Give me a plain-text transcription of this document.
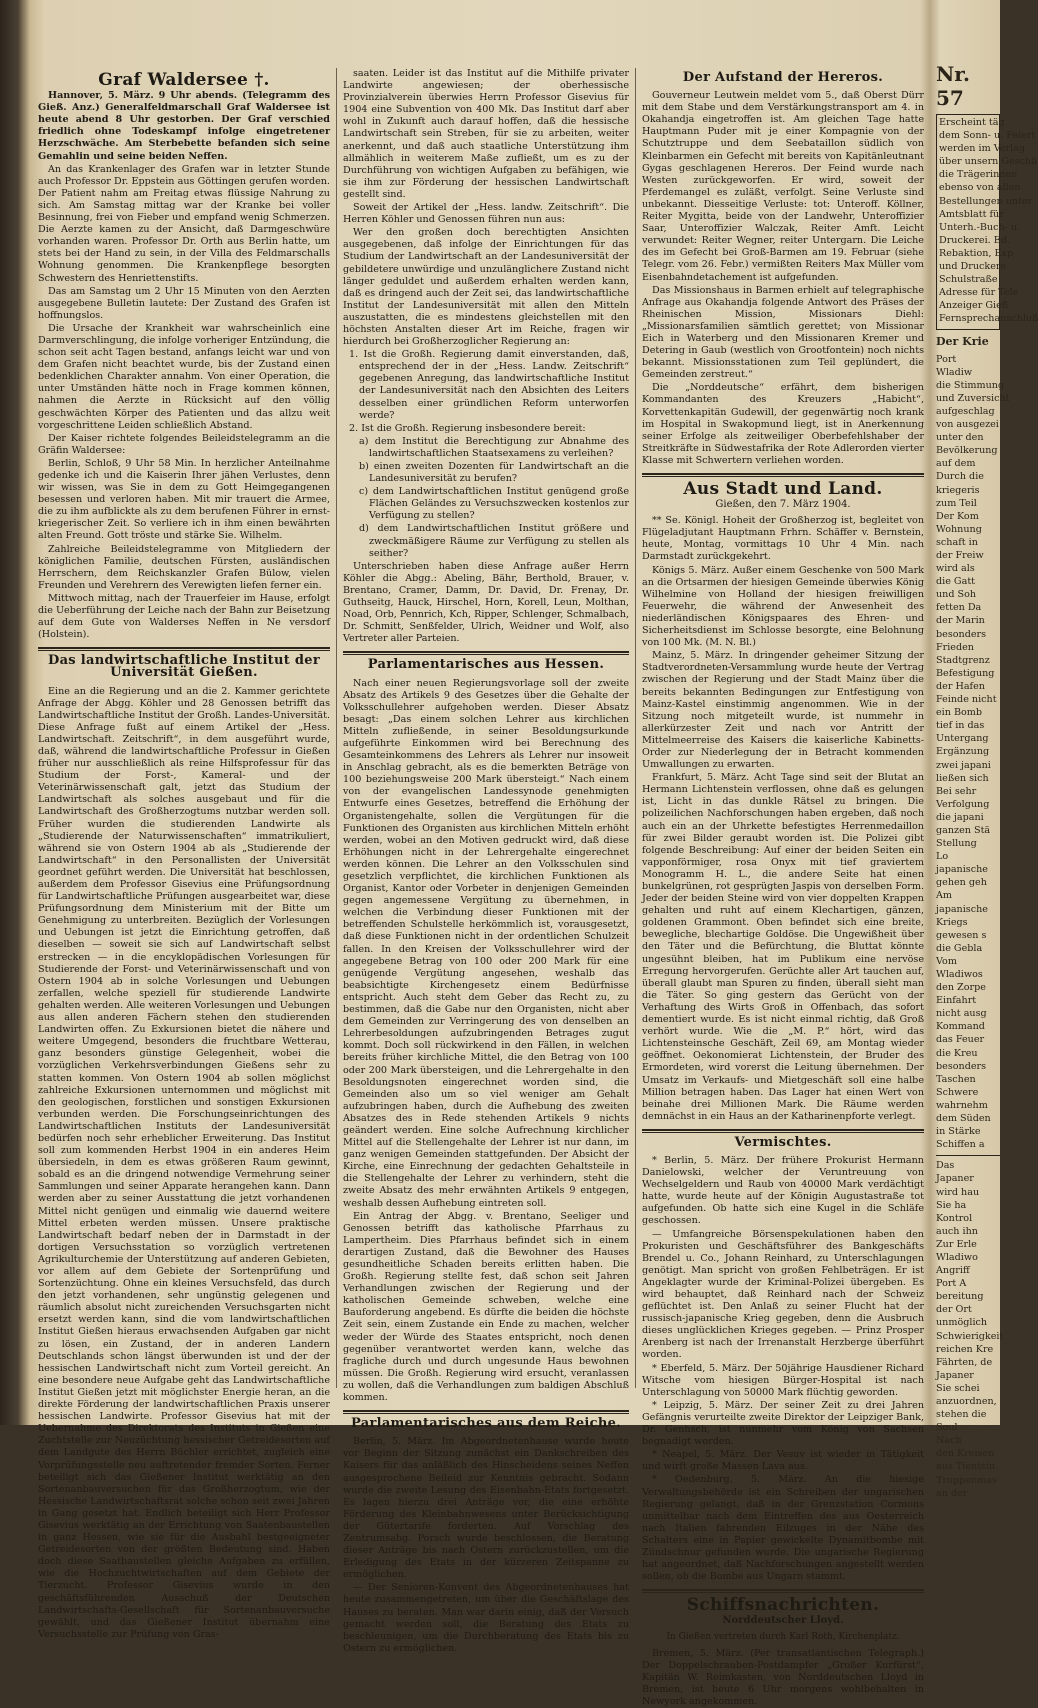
Graf Waldersee †.

Hannover, 5. März. 9 Uhr abends. (Telegramm des Gieß. Anz.) Generalfeldmarschall Graf Waldersee ist heute abend 8 Uhr gestorben. Der Graf verschied friedlich ohne Todeskampf infolge eingetretener Herzschwäche. Am Sterbebette befanden sich seine Gemahlin und seine beiden Neffen.

An das Krankenlager des Grafen war in letzter Stunde auch Professor Dr. Eppstein aus Göttingen gerufen worden. Der Patient nahm am Freitag etwas flüssige Nahrung zu sich. Am Samstag mittag war der Kranke bei voller Besinnung, frei von Fieber und empfand wenig Schmerzen. Die Aerzte kamen zu der Ansicht, daß Darmgeschwüre vorhanden waren. Professor Dr. Orth aus Berlin hatte, um stets bei der Hand zu sein, in der Villa des Feldmarschalls Wohnung genommen. Die Krankenpflege besorgten Schwestern des Henriettenstifts.

Das am Samstag um 2 Uhr 15 Minuten von den Aerzten ausgegebene Bulletin lautete: Der Zustand des Grafen ist hoffnungslos.

Die Ursache der Krankheit war wahrscheinlich eine Darmverschlingung, die infolge vorheriger Entzündung, die schon seit acht Tagen bestand, anfangs leicht war und von dem Grafen nicht beachtet wurde, bis der Zustand einen bedenklichen Charakter annahm. Von einer Operation, die unter Umständen hätte noch in Frage kommen können, nahmen die Aerzte in Rücksicht auf den völlig geschwächten Körper des Patienten und das allzu weit vorgeschrittene Leiden schließlich Abstand.

Der Kaiser richtete folgendes Beileidstelegramm an die Gräfin Waldersee:

Berlin, Schloß, 9 Uhr 58 Min. In herzlicher Anteilnahme gedenke ich und die Kaiserin Ihrer jähen Verlustes, denn wir wissen, was Sie in dem zu Gott Heimgegangenen besessen und verloren haben. Mit mir trauert die Armee, die zu ihm aufblickte als zu dem berufenen Führer in ernst-kriegerischer Zeit. So verliere ich in ihm einen bewährten alten Freund. Gott tröste und stärke Sie. Wilhelm.

Zahlreiche Beileidstelegramme von Mitgliedern der königlichen Familie, deutschen Fürsten, ausländischen Herrschern, dem Reichskanzler Grafen Bülow, vielen Freunden und Verehrern des Verewigten liefen ferner ein.

Mittwoch mittag, nach der Trauerfeier im Hause, erfolgt die Ueberführung der Leiche nach der Bahn zur Beisetzung auf dem Gute von Walderses Neffen in Ne versdorf (Holstein).

Das landwirtschaftliche Institut der Universität Gießen.

Eine an die Regierung und an die 2. Kammer gerichtete Anfrage der Abgg. Köhler und 28 Genossen betrifft das Landwirtschaftliche Institut der Großh. Landes-Universität. Diese Anfrage fußt auf einem Artikel der „Hess. Landwirtschaft. Zeitschrift“, in dem ausgeführt wurde, daß, während die landwirtschaftliche Professur in Gießen früher nur ausschließlich als reine Hilfsprofessur für das Studium der Forst-, Kameral- und der Veterinärwissenschaft galt, jetzt das Studium der Landwirtschaft als solches ausgebaut und für die Landwirtschaft des Großherzogtums nutzbar werden soll. Früher wurden die studierenden Landwirte als „Studierende der Naturwissenschaften“ immatrikuliert, während sie von Ostern 1904 ab als „Studierende der Landwirtschaft“ in den Personallisten der Universität geordnet geführt werden. Die Universität hat beschlossen, außerdem dem Professor Gisevius eine Prüfungsordnung für Landwirtschaftliche Prüfungen ausgearbeitet war, diese Prüfungsordnung dem Ministerium mit der Bitte um Genehmigung zu unterbreiten. Bezüglich der Vorlesungen und Uebungen ist jetzt die Einrichtung getroffen, daß dieselben — soweit sie sich auf Landwirtschaft selbst erstrecken — in die encyklopädischen Vorlesungen für Studierende der Forst- und Veterinärwissenschaft und von Ostern 1904 ab in solche Vorlesungen und Uebungen zerfallen, welche speziell für studierende Landwirte gehalten werden. Alle weiteren Vorlesungen und Uebungen aus allen anderen Fächern stehen den studierenden Landwirten offen. Zu Exkursionen bietet die nähere und weitere Umgegend, besonders die fruchtbare Wetterau, ganz besonders günstige Gelegenheit, wobei die vorzüglichen Verkehrsverbindungen Gießens sehr zu statten kommen. Von Ostern 1904 ab sollen möglichst zahlreiche Exkursionen unternommen und möglichst mit den geologischen, forstlichen und sonstigen Exkursionen verbunden werden. Die Forschungseinrichtungen des Landwirtschaftlichen Instituts der Landesuniversität bedürfen noch sehr erheblicher Erweiterung. Das Institut soll zum kommenden Herbst 1904 in ein anderes Heim übersiedeln, in dem es etwas größeren Raum gewinnt, sobald es an die dringend notwendige Vermehrung seiner Sammlungen und seiner Apparate herangehen kann. Dann werden aber zu seiner Ausstattung die jetzt vorhandenen Mittel nicht genügen und einmalig wie dauernd weitere Mittel erbeten werden müssen. Unsere praktische Landwirtschaft bedarf neben der in Darmstadt in der dortigen Versuchsstation so vorzüglich vertretenen Agrikulturchemie der Unterstützung auf anderen Gebieten, vor allem auf dem Gebiete der Sortenprüfung und Sortenzüchtung. Ohne ein kleines Versuchsfeld, das durch den jetzt vorhandenen, sehr ungünstig gelegenen und räumlich absolut nicht zureichenden Versuchsgarten nicht ersetzt werden kann, sind die vom landwirtschaftlichen Institut Gießen hieraus erwachsenden Aufgaben gar nicht zu lösen, ein Zustand, der in anderen Landern Deutschlands schon längst überwunden ist und der der hessischen Landwirtschaft nicht zum Vorteil gereicht. An eine besondere neue Aufgabe geht das Landwirtschaftliche Institut Gießen jetzt mit möglichster Energie heran, an die direkte Förderung der landwirtschaftlichen Praxis unserer hessischen Landwirte. Professor Gisevius hat mit der Uebernahme des Direktorats des Instituts in Gießen eine Zuchtstelle zur Neuzüchtung hessischer Getreidesorten auf dem Landgute des Herrn Büchler errichtet, zugleich eine Vorprüfungsstelle neu auftretender fremder Sorten. Ferner beteiligt sich das Gießener Institut werktätig an den Sortenanbauversuchen für das Großherzogtum, wie der Hessische Landwirtschaftsrat solche schon seit zwei Jahren in Gang gesetzt hat. Endlich beteiligt sich Herr Professor Gisevius werktätig an der Errichtung von Saatenbaustellen in ganz Hessen, wie sie für die Ausbahl bestgeeigneter Getreidesorten von der größten Bedeutung sind. Haben doch diese Saatbaustellen gleiche Aufgaben zu erfüllen, wie die Hochzuchtwirtschaften auf dem Gebiete der Tierzucht. Professor Gisevius wurde in den geschäftsführenden Ausschuß der Deutschen Landwirtschafts-Gesellschaft für Sortenanbauversuche gewählt, und das Gießener Institut übernahm eine Versuchsstelle zur Prüfung von Gras-

saaten. Leider ist das Institut auf die Mithilfe privater Landwirte angewiesen; der oberhessische Provinzialverein überwies Herrn Professor Gisevius für 1904 eine Subvention von 400 Mk. Das Institut darf aber wohl in Zukunft auch darauf hoffen, daß die hessische Landwirtschaft sein Streben, für sie zu arbeiten, weiter anerkennt, und daß auch staatliche Unterstützung ihm allmählich in weiterem Maße zufließt, um es zu der Durchführung von wichtigen Aufgaben zu befähigen, wie sie ihm zur Förderung der hessischen Landwirtschaft gestellt sind.

Soweit der Artikel der „Hess. landw. Zeitschrift“. Die Herren Köhler und Genossen führen nun aus:

Wer den großen doch berechtigten Ansichten ausgegebenen, daß infolge der Einrichtungen für das Studium der Landwirtschaft an der Landesuniversität der gebildetere unwürdige und unzulänglichere Zustand nicht länger geduldet und außerdem erhalten werden kann, daß es dringend auch der Zeit sei, das landwirtschaftliche Institut der Landesuniversität mit allen den Mitteln auszustatten, die es mindestens gleichstellen mit den höchsten Anstalten dieser Art im Reiche, fragen wir hierdurch bei Großherzoglicher Regierung an:

1. Ist die Großh. Regierung damit einverstanden, daß, entsprechend der in der „Hess. Landw. Zeitschrift“ gegebenen Anregung, das landwirtschaftliche Institut der Landesuniversität nach den Absichten des Leiters desselben einer gründlichen Reform unterworfen werde?

2. Ist die Großh. Regierung insbesondere bereit:

a) dem Institut die Berechtigung zur Abnahme des landwirtschaftlichen Staatsexamens zu verleihen?

b) einen zweiten Dozenten für Landwirtschaft an die Landesuniversität zu berufen?

c) dem Landwirtschaftlichen Institut genügend große Flächen Geländes zu Versuchszwecken kostenlos zur Verfügung zu stellen?

d) dem Landwirtschaftlichen Institut größere und zweckmäßigere Räume zur Verfügung zu stellen als seither?

Unterschrieben haben diese Anfrage außer Herrn Köhler die Abgg.: Abeling, Bähr, Berthold, Brauer, v. Brentano, Cramer, Damm, Dr. David, Dr. Frenay, Dr. Guthseitg, Hauck, Hirschel, Horn, Korell, Leun, Molthan, Noad, Orb, Pennrich, Kch, Ripper, Schlenger, Schmalbach, Dr. Schmitt, Senßfelder, Ulrich, Weidner und Wolf, also Vertreter aller Parteien.

Parlamentarisches aus Hessen.

Nach einer neuen Regierungsvorlage soll der zweite Absatz des Artikels 9 des Gesetzes über die Gehalte der Volksschullehrer aufgehoben werden. Dieser Absatz besagt: „Das einem solchen Lehrer aus kirchlichen Mitteln zufließende, in seiner Besoldungsurkunde aufgeführte Einkommen wird bei Berechnung des Gesamteinkommens des Lehrers als Lehrer nur insoweit in Anschlag gebracht, als es die bemerkten Beträge von 100 beziehungsweise 200 Mark übersteigt.“ Nach einem von der evangelischen Landessynode genehmigten Entwurfe eines Gesetzes, betreffend die Erhöhung der Organistengehalte, sollen die Vergütungen für die Funktionen des Organisten aus kirchlichen Mitteln erhöht werden, wobei an den Motiven gedruckt wird, daß diese Erhöhungen nicht in der Lehrergehalte eingerechnet werden können. Die Lehrer an den Volksschulen sind gesetzlich verpflichtet, die kirchlichen Funktionen als Organist, Kantor oder Vorbeter in denjenigen Gemeinden gegen angemessene Vergütung zu übernehmen, in welchen die Verbindung dieser Funktionen mit der betreffenden Schulstelle herkömmlich ist, vorausgesetzt, daß diese Funktionen nicht in der ordentlichen Schulzeit fallen. In den Kreisen der Volksschullehrer wird der angegebene Betrag von 100 oder 200 Mark für eine genügende Vergütung angesehen, weshalb das beabsichtigte Kirchengesetz einem Bedürfnisse entspricht. Auch steht dem Geber das Recht zu, zu bestimmen, daß die Gabe nur den Organisten, nicht aber dem Gemeinden zur Verringerung des von denselben an Lehrerbesoldungen aufzubringenden Betrages zugut kommt. Doch soll rückwirkend in den Fällen, in welchen bereits früher kirchliche Mittel, die den Betrag von 100 oder 200 Mark übersteigen, und die Lehrergehalte in den Besoldungsnoten eingerechnet worden sind, die Gemeinden also um so viel weniger am Gehalt aufzubringen haben, durch die Aufhebung des zweiten Absatzes des in Rede stehenden Artikels 9 nichts geändert werden. Eine solche Aufrechnung kirchlicher Mittel auf die Stellengehalte der Lehrer ist nur dann, im ganz wenigen Gemeinden stattgefunden. Der Absicht der Kirche, eine Einrechnung der gedachten Gehaltsteile in die Stellengehalte der Lehrer zu verhindern, steht die zweite Absatz des mehr erwähnten Artikels 9 entgegen, weshalb dessen Aufhebung eintreten soll.

Ein Antrag der Abgg. v. Brentano, Seeliger und Genossen betrifft das katholische Pfarrhaus zu Lampertheim. Dies Pfarrhaus befindet sich in einem derartigen Zustand, daß die Bewohner des Hauses gesundheitliche Schaden bereits erlitten haben. Die Großh. Regierung stellte fest, daß schon seit Jahren Verhandlungen zwischen der Regierung und der katholischen Gemeinde schweben, welche eine Bauforderung angebend. Es dürfte die beiden die höchste Zeit sein, einem Zustande ein Ende zu machen, welcher weder der Würde des Staates entspricht, noch denen gegenüber verantwortet werden kann, welche das fragliche durch und durch ungesunde Haus bewohnen müssen. Die Großh. Regierung wird ersucht, veranlassen zu wollen, daß die Verhandlungen zum baldigen Abschluß kommen.

Parlamentarisches aus dem Reiche.

Berlin, 5. März. Im Abgeordnetenhause wurde heute vor Beginn der Sitzung zunächst ein Dankschreiben des Kaisers für das anläßlich des Hinscheidens seines Neffen ausgesprochene Beileid zur Kenntnis gebracht. Sodann wurde die zweite Lesung des Eisenbahn-Etats fortgesetzt. Es lagen hierzu drei Anträge vor, die eine erhöhte Förderung des Kleinbahnwesens unter Berücksichtigung der Gütertarife forderten. Auf Vorschlag des Zentrumsabg. Porsch wurde beschlossen, die Beratung dieser Anträge bis nach Ostern zurückzustellen, um die Erledigung des Etats in der kürzeren Zeitspanne zu ermöglichen.

— Der Senioren-Konvent des Abgeordnetenhauses hat heute zusammengetreten, um über die Geschäftslage des Hauses zu beraten. Man war darin einig, daß der Versuch gemacht werden soll, die Beratung des Etats zu beschleunigen, um die Durchberatung des Etats bis zu Ostern zu ermöglichen.

Der Aufstand der Hereros.

Gouverneur Leutwein meldet vom 5., daß Oberst Dürr mit dem Stabe und dem Verstärkungstransport am 4. in Okahandja eingetroffen ist. Am gleichen Tage hatte Hauptmann Puder mit je einer Kompagnie von der Schutztruppe und dem Seebataillon südlich von Kleinbarmen ein Gefecht mit bereits von Kapitänleutnant Gygas geschlagenen Hereros. Der Feind wurde nach Westen zurückgeworfen. Er wird, soweit der Pferdemangel es zuläßt, verfolgt. Seine Verluste sind unbekannt. Diesseitige Verluste: tot: Unteroff. Köllner, Reiter Mygitta, beide von der Landwehr, Unteroffizier Saar, Unteroffizier Walczak, Reiter Amft. Leicht verwundet: Reiter Wegner, reiter Untergarn. Die Leiche des im Gefecht bei Groß-Barmen am 19. Februar (siehe Telegr. vom 26. Febr.) vermißten Reiters Max Müller vom Eisenbahndetachement ist aufgefunden.

Das Missionshaus in Barmen erhielt auf telegraphische Anfrage aus Okahandja folgende Antwort des Präses der Rheinischen Mission, Missionars Diehl: „Missionarsfamilien sämtlich gerettet; von Missionar Eich in Waterberg und den Missionaren Kremer und Detering in Gaub (westlich von Grootfontein) noch nichts bekannt. Missionsstationen zum Teil geplündert, die Gemeinden zerstreut.“

Die „Norddeutsche“ erfährt, dem bisherigen Kommandanten des Kreuzers „Habicht“, Korvettenkapitän Gudewill, der gegenwärtig noch krank im Hospital in Swakopmund liegt, ist in Anerkennung seiner Erfolge als zeitweiliger Oberbefehlshaber der Streitkräfte in Südwestafrika der Rote Adlerorden vierter Klasse mit Schwertern verliehen worden.

Aus Stadt und Land.
Gießen, den 7. März 1904.

** Se. Königl. Hoheit der Großherzog ist, begleitet von Flügeladjutant Hauptmann Frhrn. Schäffer v. Bernstein, heute, Montag, vormittags 10 Uhr 4 Min. nach Darmstadt zurückgekehrt.

Königs 5. März. Außer einem Geschenke von 500 Mark an die Ortsarmen der hiesigen Gemeinde überwies König Wilhelmine von Holland der hiesigen freiwilligen Feuerwehr, die während der Anwesenheit des niederländischen Königspaares des Ehren- und Sicherheitsdienst im Schlosse besorgte, eine Belohnung von 100 Mk. (M. N. Bl.)

Mainz, 5. März. In dringender geheimer Sitzung der Stadtverordneten-Versammlung wurde heute der Vertrag zwischen der Regierung und der Stadt Mainz über die bereits bekannten Bedingungen zur Entfestigung von Mainz-Kastel einstimmig angenommen. Wie in der Sitzung noch mitgeteilt wurde, ist nummehr in allerkürzester Zeit und nach vor Antritt der Mittelmeerreise des Kaisers die kaiserliche Kabinetts-Order zur Niederlegung der in Betracht kommenden Umwallungen zu erwarten.

Frankfurt, 5. März. Acht Tage sind seit der Blutat an Hermann Lichtenstein verflossen, ohne daß es gelungen ist, Licht in das dunkle Rätsel zu bringen. Die polizeilichen Nachforschungen haben ergeben, daß noch auch ein an der Uhrkette befestigtes Herrenmedaillon für zwei Bilder geraubt worden ist. Die Polizei gibt folgende Beschreibung: Auf einer der beiden Seiten ein vapponförmiger, rosa Onyx mit tief graviertem Monogramm H. L., die andere Seite hat einen bunkelgrünen, rot gesprügten Jaspis von derselben Form. Jeder der beiden Steine wird von vier doppelten Krappen gehalten und ruht auf einem Klechartigen, gänzen, goldenen Grammont. Oben befindet sich eine breite, bewegliche, blechartige Goldöse. Die Ungewißheit über den Täter und die Befürchtung, die Bluttat könnte ungesühnt bleiben, hat im Publikum eine nervöse Erregung hervorgerufen. Gerüchte aller Art tauchen auf, überall glaubt man Spuren zu finden, überall sieht man die Täter. So ging gestern das Gerücht von der Verhaftung des Wirts Groß in Offenbach, das sofort dementiert wurde. Es ist nicht einmal richtig, daß Groß verhört wurde. Wie die „M. P.“ hört, wird das Lichtensteinsche Geschäft, Zeil 69, am Montag wieder geöffnet. Oekonomierat Lichtenstein, der Bruder des Ermordeten, wird vorerst die Leitung übernehmen. Der Umsatz im Verkaufs- und Mietgeschäft soll eine halbe Million betragen haben. Das Lager hat einen Wert von beinahe drei Millionen Mark. Die Räume werden demnächst in ein Haus an der Katharinenpforte verlegt.

Vermischtes.

* Berlin, 5. März. Der frühere Prokurist Hermann Danielowski, welcher der Veruntreuung von Wechselgeldern und Raub von 40000 Mark verdächtigt hatte, wurde heute auf der Königin Augustastraße tot aufgefunden. Ob hatte sich eine Kugel in die Schläfe geschossen.

— Umfangreiche Börsenspekulationen haben den Prokuristen und Geschäftsführer des Bankgeschäfts Brendel u. Co., Johann Reinhard, zu Unterschlagungen genötigt. Man spricht von großen Fehlbeträgen. Er ist Angeklagter wurde der Kriminal-Polizei übergeben. Es wird behauptet, daß Reinhard nach der Schweiz geflüchtet ist. Den Anlaß zu seiner Flucht hat der russisch-japanische Krieg gegeben, denn die Ausbruch dieses unglücklichen Krieges gegeben. — Prinz Prosper Arenberg ist nach der Irrenanstalt Herzberge überführt worden.

* Eberfeld, 5. März. Der 50jährige Hausdiener Richard Witsche vom hiesigen Bürger-Hospital ist nach Unterschlagung von 50000 Mark flüchtig geworden.

* Leipzig, 5. März. Der seiner Zeit zu drei Jahren Gefängnis verurteilte zweite Direktor der Leipziger Bank, Dr. Genhsch, ist nunmehr vom König von Sachsen begnadigt worden.

* Neapel, 5. März. Der Vesuv ist wieder in Tätigkeit und wirft große Massen Lava aus.

* Oedenburg, 5. März. An die hiesige Verwaltungsbehörde ist ein Schreiben der ungarischen Regierung gelangt, daß in der Grenzstation Cormons unmittelbar nach dem Eintreffen des aus Oesterreich nach Italien fahrenden Eilzuges in der Nähe des Schalters eine in Papier gewickelte Dynamitbombe mit Zündschnur gefunden wurde. Die ungarische Regierung hat angeordnet, daß Nachforschungen angestellt werden sollen, ob die Bombe aus Ungarn stammt.

Schiffsnachrichten.
Norddeutscher Lloyd.
In Gießen vertreten durch Karl Roth, Kirchenplatz.

Bremen, 5. März. (Per transatlantischen Telegraph.) Der Doppelschrauben-Postdampfer „Großer Kurfürst“, Kapitän W. Reimkasten, von Norddeutschen Lloyd in Bremen, ist heute 6 Uhr morgens wohlbehalten in Newyork angekommen.

Nr. 57

Erscheint täg

dem Sonn- u. Feiert

werden im Verlag

über unsern Geschä

die Trägerinnen

ebenso von allen

Bestellungen unter

Amtsblatt für

Unterh.-Buch- u.

Druckerei. Ed.

Rebaktion, Exp

und Druckere

Schulstraße

Adresse für Tele

Anzeiger Gieß

Fernsprechanschluß

Der Krie

Port

Wladiw

die Stimmung

und Zuversicht

aufgeschlag

von ausgezei

unter den

Bevölkerung

auf dem

Durch die

kriegeris

zum Teil

Der Kom

Wohnung

schaft in

der Freiw

wird als

die Gatt

und Soh

fetten Da

der Marin

besonders

Frieden

Stadtgrenz

Befestigung

der Hafen

Feinde nicht

ein Bomb

tief in das

Untergang

Ergänzung

zwei japani

ließen sich

Bei sehr

Verfolgung

die japani

ganzen Stä

Stellung

Lo

japanische

gehen geh

Am

japanische

Kriegs

gewesen s

die Gebla

Vom

Wladiwos

den Zorpe

Einfahrt

nicht ausg

Kommand

das Feuer

die Kreu

besonders

Taschen

Schwere

wahrnehm

dem Süden

in Stärke

Schiffen a

Das

Japaner

wird hau

Sie ha

Kontrol

auch ihn

Zur Erle

Wladiwo

Angriff

Port A

bereitung

der Ort

unmöglich

Schwierigkeit

reichen Kre

Fährten, de

Japaner

Sie schei

anzuordnen,

stehen die

Soul

Nach

den Kreisen

aus Tientsin

Truppenmas

an der
